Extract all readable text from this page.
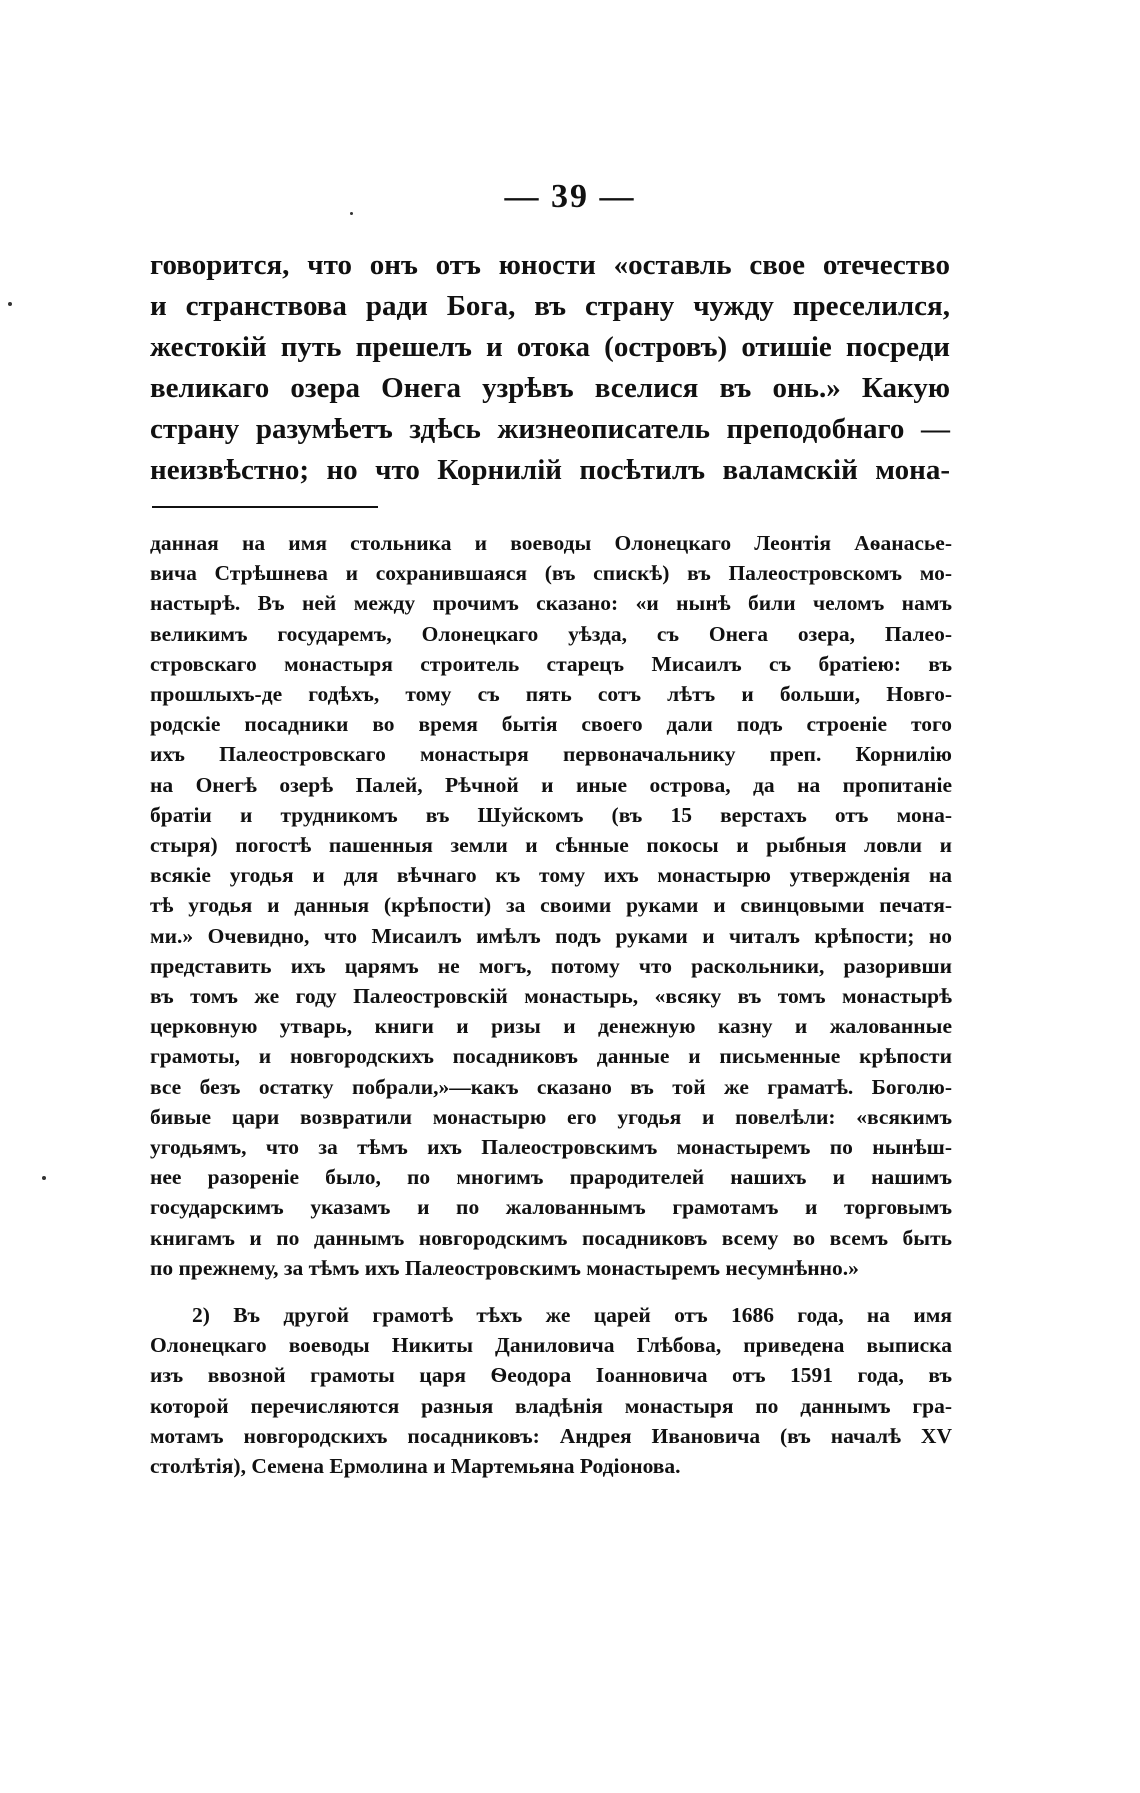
— 39 —
говорится, что онъ отъ юности «оставль свое отечество
и странствова ради Бога, въ страну чужду преселился,
жестокій путь прешелъ и отока (островъ) отишіе посреди
великаго озера Онега узрѣвъ вселися въ онь.» Какую
страну разумѣетъ здѣсь жизнеописатель преподобнаго —
неизвѣстно; но что Корнилій посѣтилъ валамскій мона-
данная на имя стольника и воеводы Олонецкаго Леонтія Аѳанасье-
вича Стрѣшнева и сохранившаяся (въ спискѣ) въ Палеостровскомъ мо-
настырѣ. Въ ней между прочимъ сказано: «и нынѣ били челомъ намъ
великимъ государемъ, Олонецкаго уѣзда, съ Онега озера, Палео-
стровскаго монастыря строитель старецъ Мисаилъ съ братіею: въ
прошлыхъ-де годѣхъ, тому съ пять сотъ лѣтъ и больши, Новго-
родскіе посадники во время бытія своего дали подъ строеніе того
ихъ Палеостровскаго монастыря первоначальнику преп. Корнилію
на Онегѣ озерѣ Палей, Рѣчной и иные острова, да на пропитаніе
братіи и трудникомъ въ Шуйскомъ (въ 15 верстахъ отъ мона-
стыря) погостѣ пашенныя земли и сѣнные покосы и рыбныя ловли и
всякіе угодья и для вѣчнаго къ тому ихъ монастырю утвержденія на
тѣ угодья и данныя (крѣпости) за своими руками и свинцовыми печатя-
ми.» Очевидно, что Мисаилъ имѣлъ подъ руками и читалъ крѣпости; но
представить ихъ царямъ не могъ, потому что раскольники, разоривши
въ томъ же году Палеостровскій монастырь, «всяку въ томъ монастырѣ
церковную утварь, книги и ризы и денежную казну и жалованные
грамоты, и новгородскихъ посадниковъ данные и письменные крѣпости
все безъ остатку побрали,»—какъ сказано въ той же граматѣ. Боголю-
бивые цари возвратили монастырю его угодья и повелѣли: «всякимъ
угодьямъ, что за тѣмъ ихъ Палеостровскимъ монастыремъ по нынѣш-
нее разореніе было, по многимъ прародителей нашихъ и нашимъ
государскимъ указамъ и по жалованнымъ грамотамъ и торговымъ
книгамъ и по даннымъ новгородскимъ посадниковъ всему во всемъ быть
по прежнему, за тѣмъ ихъ Палеостровскимъ монастыремъ несумнѣнно.»
2) Въ другой грамотѣ тѣхъ же царей отъ 1686 года, на имя
Олонецкаго воеводы Никиты Даниловича Глѣбова, приведена выписка
изъ ввозной грамоты царя Ѳеодора Іоанновича отъ 1591 года, въ
которой перечисляются разныя владѣнія монастыря по даннымъ гра-
мотамъ новгородскихъ посадниковъ: Андрея Ивановича (въ началѣ XV
столѣтія), Семена Ермолина и Мартемьяна Родіонова.
